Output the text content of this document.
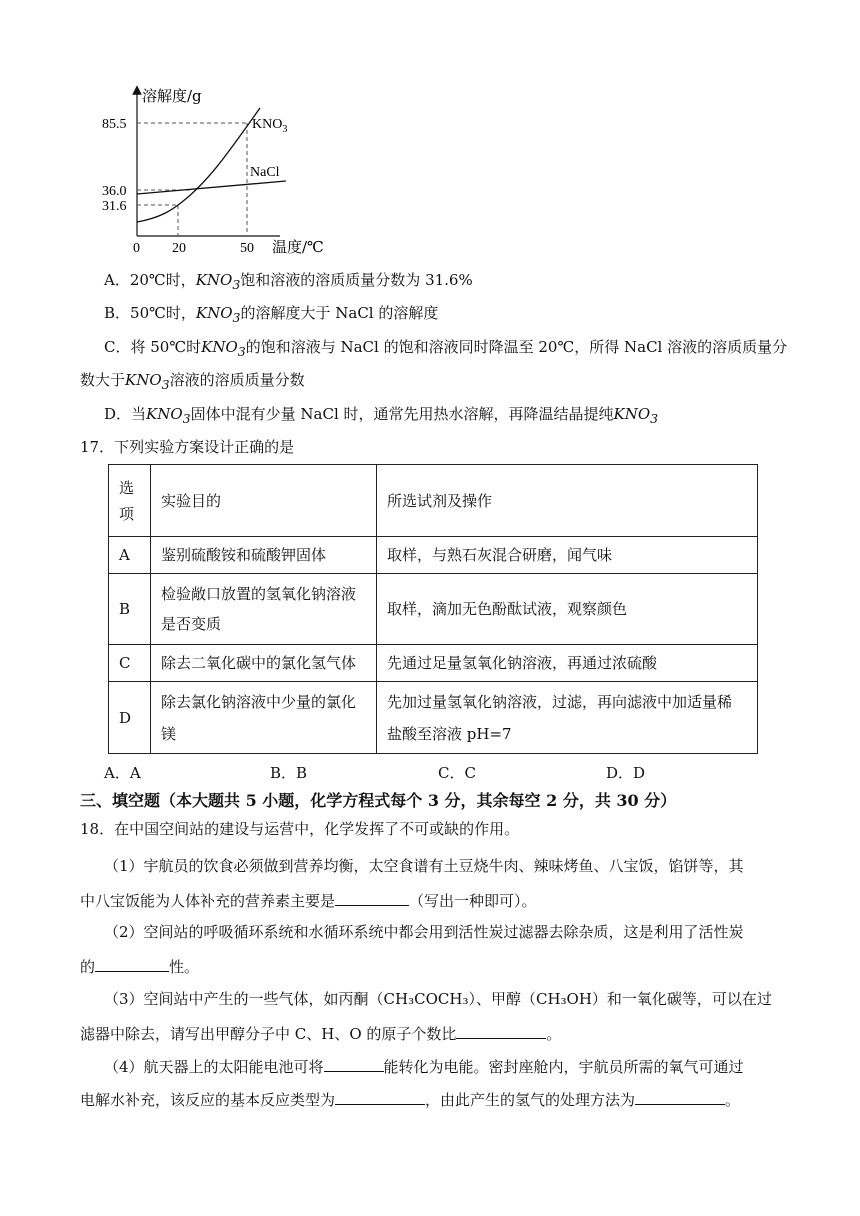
溶解度/g
85.5
36.0
31.6
0 20	50 温度/℃
$KNO_3$
NaCl
A．20℃时，$KNO_3$饱和溶液的溶质质量分数为 31.6%
B．50℃时，$KNO_3$的溶解度大于 NaCl 的溶解度
C．将 50℃时$KNO_3$的饱和溶液与 NaCl 的饱和溶液同时降温至 20℃，所得 NaCl 溶液的溶质质量分
数大于$KNO_3$溶液的溶质质量分数
D．当$KNO_3$固体中混有少量 NaCl 时，通常先用热水溶解，再降温结晶提纯$KNO_3$
17．下列实验方案设计正确的是
选
项	实验目的	所选试剂及操作
A	鉴别硫酸铵和硫酸钾固体	取样，与熟石灰混合研磨，闻气味
B	检验敞口放置的氢氧化钠溶液
是否变质	取样，滴加无色酚酞试液，观察颜色
C	除去二氧化碳中的氯化氢气体	先通过足量氢氧化钠溶液，再通过浓硫酸
D	除去氯化钠溶液中少量的氯化
镁	先加过量氢氧化钠溶液，过滤，再向滤液中加适量稀
盐酸至溶液 pH=7
A．A	B．B	C．C	D．D
三、填空题（本大题共 5 小题，化学方程式每个 3 分，其余每空 2 分，共 30 分）
18．在中国空间站的建设与运营中，化学发挥了不可或缺的作用。
（1）宇航员的饮食必须做到营养均衡，太空食谱有土豆烧牛肉、辣味烤鱼、八宝饭，馅饼等，其
中八宝饭能为人体补充的营养素主要是	（写出一种即可）。
（2）空间站的呼吸循环系统和水循环系统中都会用到活性炭过滤器去除杂质，这是利用了活性炭
的	性。
（3）空间站中产生的一些气体，如丙酮（CH₃COCH₃）、甲醇（CH₃OH）和一氧化碳等，可以在过
滤器中除去，请写出甲醇分子中 C、H、O 的原子个数比	。
（4）航天器上的太阳能电池可将	能转化为电能。密封座舱内，宇航员所需的氧气可通过
电解水补充，该反应的基本反应类型为	，由此产生的氢气的处理方法为	。
